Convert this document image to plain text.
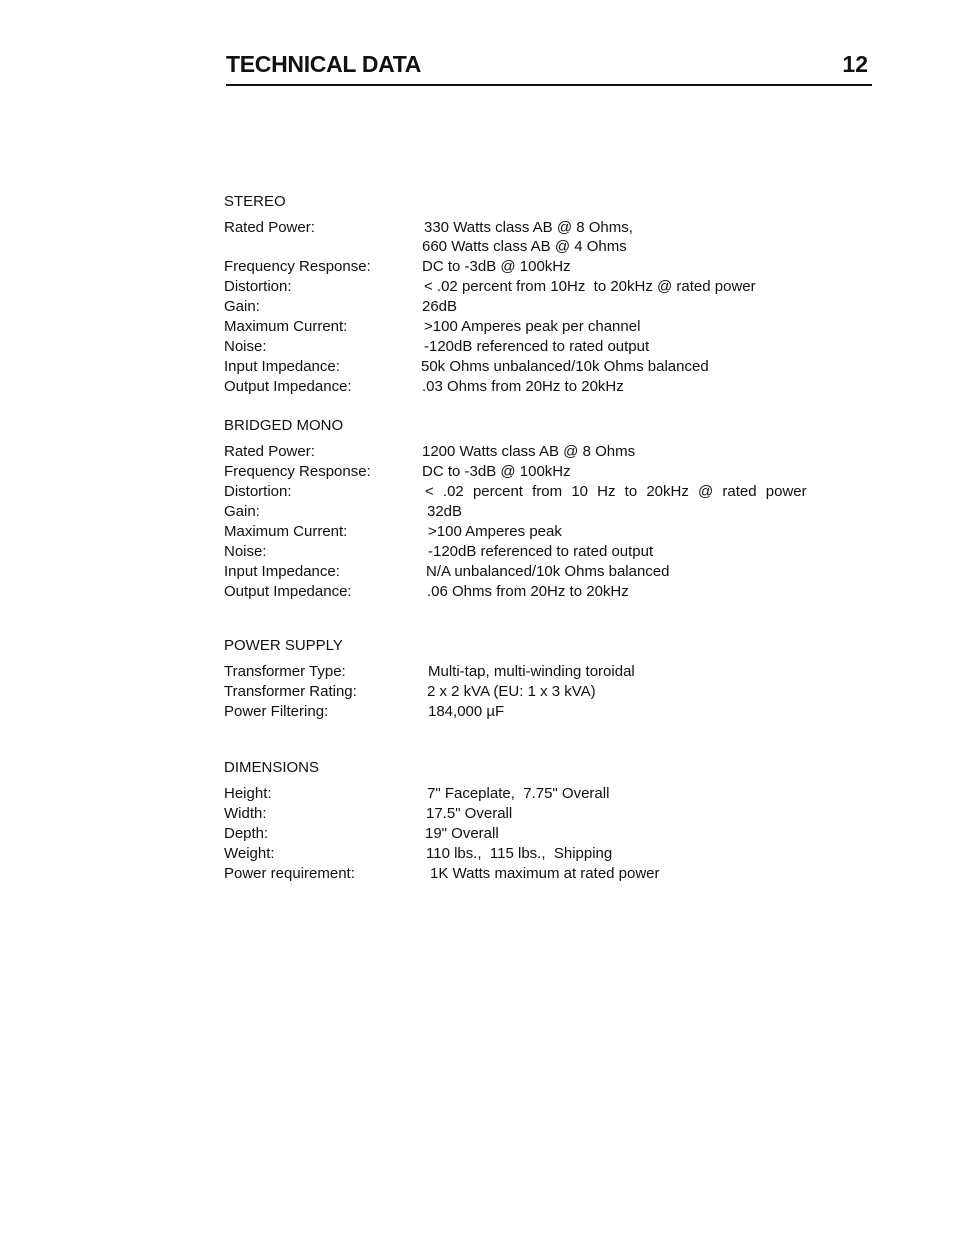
TECHNICAL DATA	12
STEREO
Rated Power:	330 Watts class AB @ 8 Ohms,
660 Watts class AB @ 4 Ohms
Frequency Response:	DC to -3dB @ 100kHz
Distortion:	< .02 percent from 10Hz  to 20kHz @ rated power
Gain:	26dB
Maximum Current:	>100 Amperes peak per channel
Noise:	-120dB referenced to rated output
Input Impedance:	50k Ohms unbalanced/10k Ohms balanced
Output Impedance:	.03 Ohms from 20Hz to 20kHz
BRIDGED MONO
Rated Power:	1200 Watts class AB @ 8 Ohms
Frequency Response:	DC to -3dB @ 100kHz
Distortion:	< .02 percent from 10 Hz to 20kHz @ rated power
Gain:	32dB
Maximum Current:	>100 Amperes peak
Noise:	-120dB referenced to rated output
Input Impedance:	N/A unbalanced/10k Ohms balanced
Output Impedance:	.06 Ohms from 20Hz to 20kHz
POWER SUPPLY
Transformer Type:	Multi-tap, multi-winding toroidal
Transformer Rating:	2 x 2 kVA (EU: 1 x 3 kVA)
Power Filtering:	184,000 µF
DIMENSIONS
Height:	7" Faceplate,  7.75" Overall
Width:	17.5" Overall
Depth:	19" Overall
Weight:	110 lbs.,  115 lbs.,  Shipping
Power requirement:	1K Watts maximum at rated power
